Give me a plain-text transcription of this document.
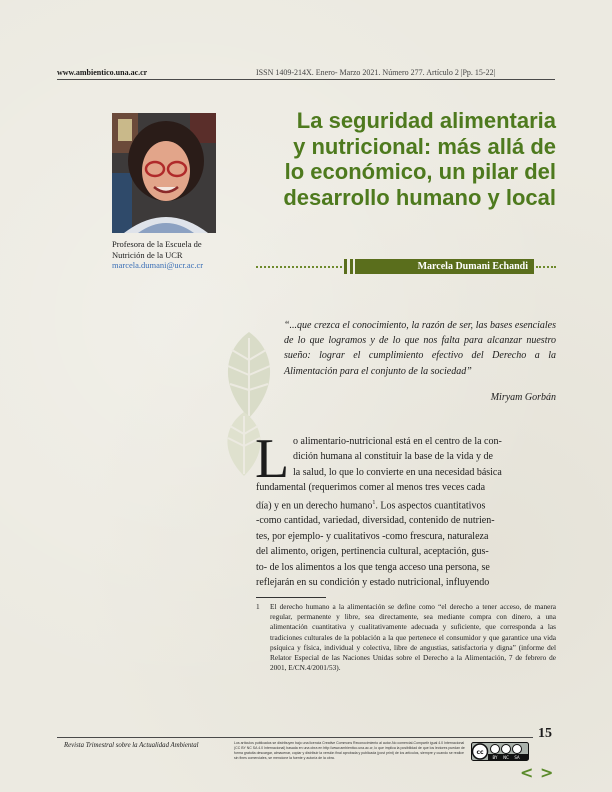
www.ambientico.una.ac.cr	ISSN 1409-214X. Enero- Marzo 2021. Número 277. Artículo 2 |Pp. 15-22|
Profesora de la Escuela de
Nutrición de la UCR
marcela.dumani@ucr.ac.cr
La seguridad alimentaria
y nutricional: más allá de
lo económico, un pilar del
desarrollo humano y local
Marcela Dumani Echandi
“...que crezca el conocimiento, la razón de ser, las bases esenciales de lo que logramos y de lo que nos falta para alcanzar nuestro sueño: lograr el cumplimiento efectivo del Derecho a la Alimentación para el conjunto de la sociedad”
Miryam Gorbán
L o alimentario-nutricional está en el centro de la con-
dición humana al constituir la base de la vida y de
la salud, lo que lo convierte en una necesidad básica
fundamental (requerimos comer al menos tres veces cada
día) y en un derecho humano$^1$. Los aspectos cuantitativos
-como cantidad, variedad, diversidad, contenido de nutrien-
tes, por ejemplo- y cualitativos -como frescura, naturaleza
del alimento, origen, pertinencia cultural, aceptación, gus-
to- de los alimentos a los que tenga acceso una persona, se
reflejarán en su condición y estado nutricional, influyendo
1 El derecho humano a la alimentación se define como “el derecho a tener acceso, de manera regular, permanente y libre, sea directamente, sea mediante compra con dinero, a una alimentación cuantitativa y cualitativamente adecuada y suficiente, que corresponda a las tradiciones culturales de la población a la que pertenece el consumidor y que garantice una vida psíquica y física, individual y colectiva, libre de angustias, satisfactoria y digna” (informe del Relator Especial de las Naciones Unidas sobre el Derecho a la Alimentación, 7 de febrero de 2001, E/CN.4/2001/53).
15
Revista Trimestral sobre la Actualidad Ambiental	Los artículos publicados se distribuyen bajo una licencia Creative Commons Reconocimiento al autor-No comercial-Compartir igual 4.0 Internacional (CC BY NC SA 4.0 Internacional) basada en una obra en http://www.ambientico.una.ac.cr, lo que implica la posibilidad de que los lectores puedan de forma gratuita descargar, almacenar, copiar y distribuir la versión final aprobada y publicada (post print) de los artículos, siempre y cuando se realice sin fines comerciales, se mencione la fuente y autoría de la obra.
cc
BY NC SA
< >
